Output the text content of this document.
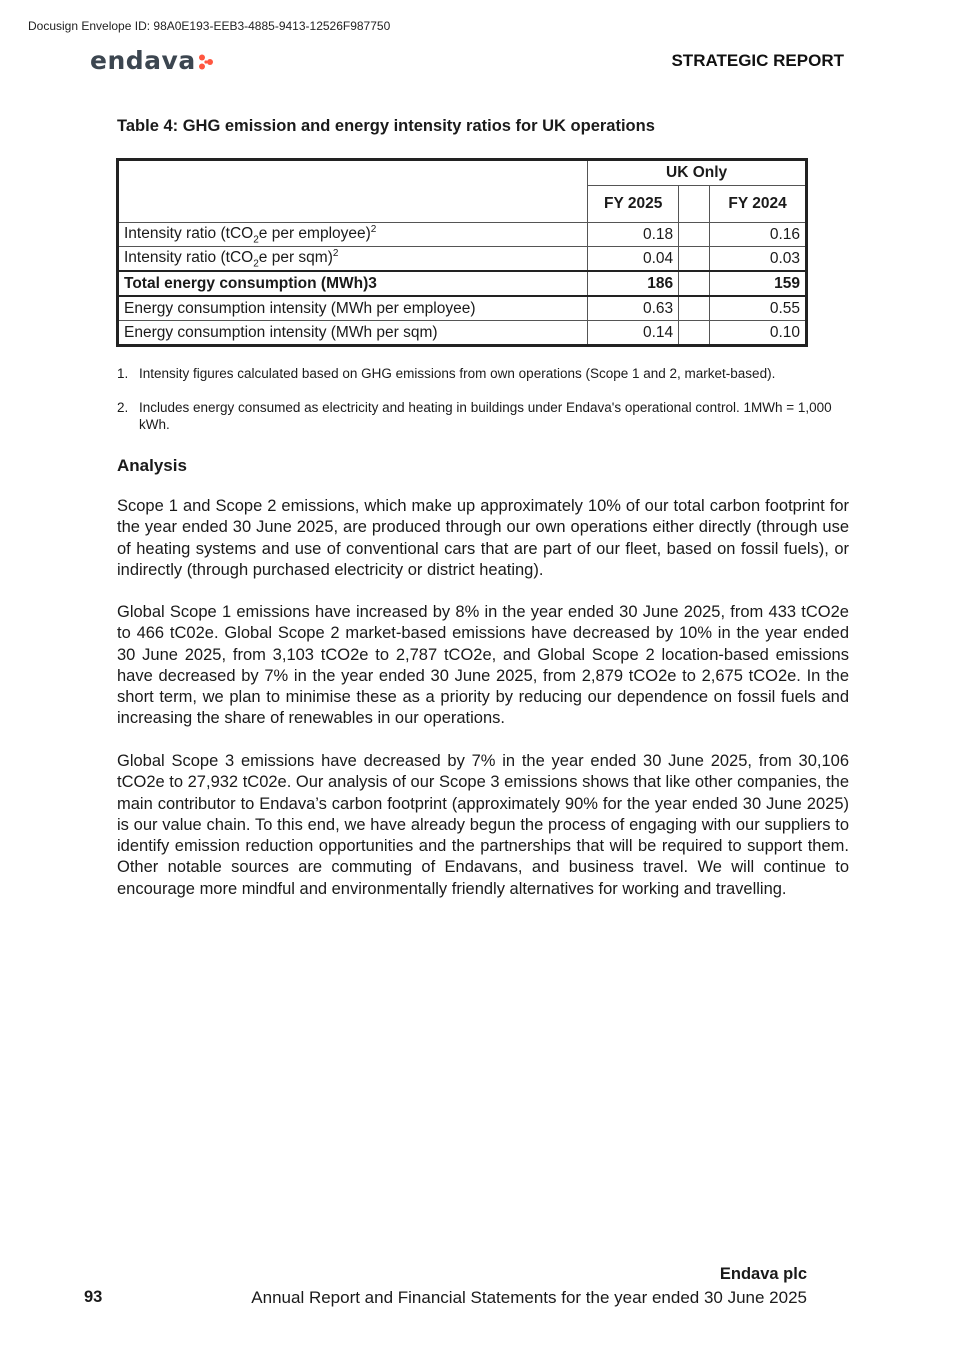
Docusign Envelope ID: 98A0E193-EEB3-4885-9413-12526F987750
endava	STRATEGIC REPORT
Table 4: GHG emission and energy intensity ratios for UK operations
	UK Only		
	FY 2025		FY 2024
Intensity ratio (tCO$_2$e per employee)$^2$	0.18		0.16
Intensity ratio (tCO$_2$e per sqm)$^2$	0.04		0.03
Total energy consumption (MWh)3	186		159
Energy consumption intensity (MWh per employee)	0.63		0.55
Energy consumption intensity (MWh per sqm)	0.14		0.10
1. Intensity figures calculated based on GHG emissions from own operations (Scope 1 and 2, market-based).
2. Includes energy consumed as electricity and heating in buildings under Endava's operational control. 1MWh = 1,000 kWh.
Analysis

Scope 1 and Scope 2 emissions, which make up approximately 10% of our total carbon footprint for the year ended 30 June 2025, are produced through our own operations either directly (through use of heating systems and use of conventional cars that are part of our fleet, based on fossil fuels), or indirectly (through purchased electricity or district heating).

Global Scope 1 emissions have increased by 8% in the year ended 30 June 2025, from 433 tCO2e to 466 tC02e. Global Scope 2 market-based emissions have decreased by 10% in the year ended 30 June 2025, from 3,103 tCO2e to 2,787 tCO2e, and Global Scope 2 location-based emissions have decreased by 7% in the year ended 30 June 2025, from 2,879 tCO2e to 2,675 tCO2e. In the short term, we plan to minimise these as a priority by reducing our dependence on fossil fuels and increasing the share of renewables in our operations.

Global Scope 3 emissions have decreased by 7% in the year ended 30 June 2025, from 30,106 tCO2e to 27,932 tC02e. Our analysis of our Scope 3 emissions shows that like other companies, the main contributor to Endava’s carbon footprint (approximately 90% for the year ended 30 June 2025) is our value chain. To this end, we have already begun the process of engaging with our suppliers to identify emission reduction opportunities and the partnerships that will be required to support them. Other notable sources are commuting of Endavans, and business travel. We will continue to encourage more mindful and environmentally friendly alternatives for working and travelling.

Endava plc
93	Annual Report and Financial Statements for the year ended 30 June 2025
